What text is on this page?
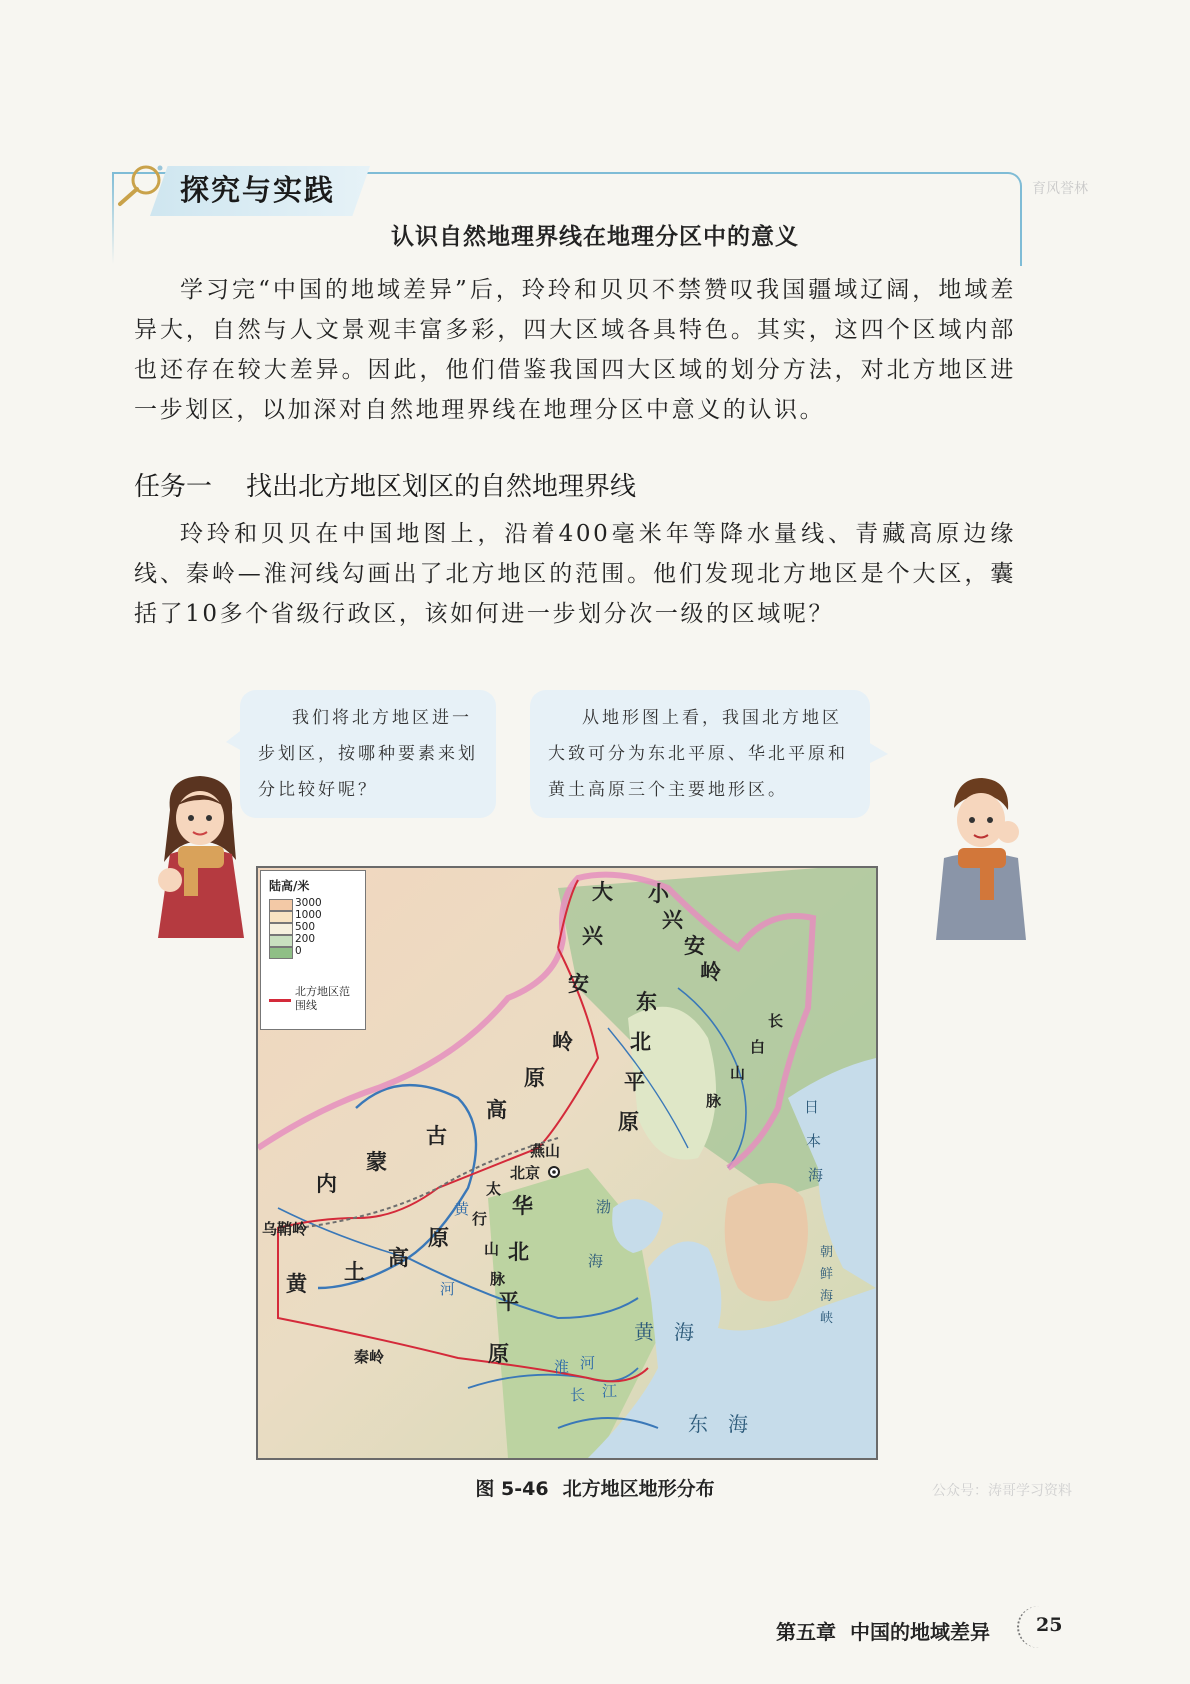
探究与实践	育风誉林
认识自然地理界线在地理分区中的意义
学习完“中国的地域差异”后，玲玲和贝贝不禁赞叹我国疆域辽阔，地域差异大，自然与人文景观丰富多彩，四大区域各具特色。其实，这四个区域内部也还存在较大差异。因此，他们借鉴我国四大区域的划分方法，对北方地区进一步划区，以加深对自然地理界线在地理分区中意义的认识。
任务一 找出北方地区划区的自然地理界线
玲玲和贝贝在中国地图上，沿着400毫米年等降水量线、青藏高原边缘线、秦岭—淮河线勾画出了北方地区的范围。他们发现北方地区是个大区，囊括了10多个省级行政区，该如何进一步划分次一级的区域呢？

我们将北方地区进一步划区，按哪种要素来划分比较好呢？

从地形图上看，我国北方地区大致可分为东北平原、华北平原和黄土高原三个主要地形区。

陆高/米
3000
1000
500
200
0
北方地区范围线
大
兴
安
岭
小
兴
安
岭
东
北
平
原
长
白
山
脉
内
蒙
古
高
原
燕山
北京
太
行
山
脉
华
北
平
原
黄 土
高
原
乌鞘岭
秦岭
黄
河
淮 河
长 江
渤
海
黄　海
东　海
日
本
海
朝鲜海峡
图 5-46 北方地区地形分布	公众号：涛哥学习资料
第五章 中国的地域差异 25
